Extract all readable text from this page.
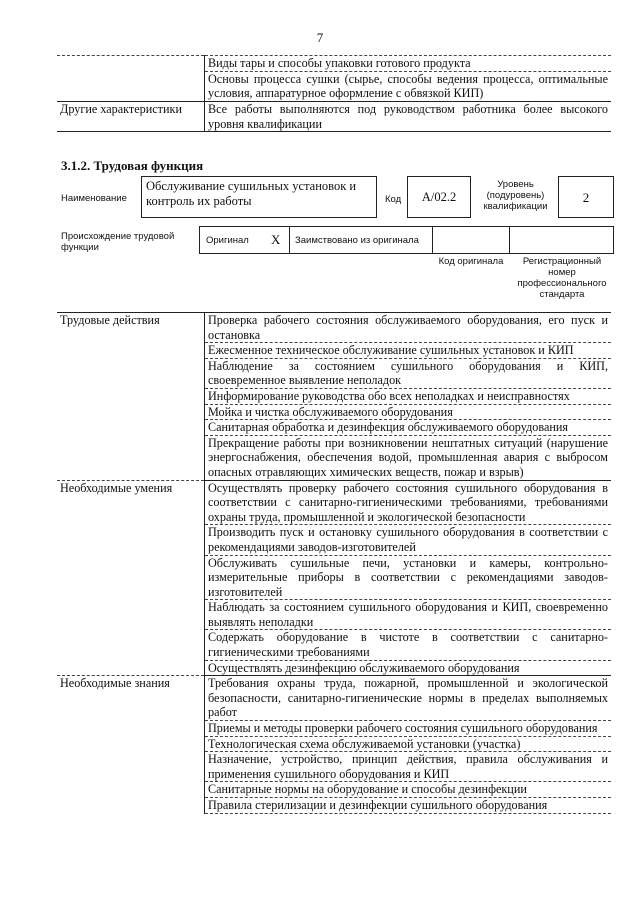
7
	Виды тары и способы упаковки готового продукта
	Основы процесса сушки (сырье, способы ведения процесса, оптимальные условия, аппаратурное оформление с обвязкой КИП)
Другие характеристики	Все работы выполняются под руководством работника более высокого уровня квалификации
3.1.2. Трудовая функция
Наименование
Обслуживание сушильных установок и контроль их работы	Код	A/02.2
Уровень (подуровень) квалификации
2
Происхождение трудовой функции
Оригинал X Заимствовано из оригинала
Код оригинала	Регистрационный номер профессионального стандарта
Трудовые действия	Проверка рабочего состояния обслуживаемого оборудования, его пуск и остановка
	Ежесменное техническое обслуживание сушильных установок и КИП
	Наблюдение за состоянием сушильного оборудования и КИП, своевременное выявление неполадок
	Информирование руководства обо всех неполадках и неисправностях
	Мойка и чистка обслуживаемого оборудования
	Санитарная обработка и дезинфекция обслуживаемого оборудования
	Прекращение работы при возникновении нештатных ситуаций (нарушение энергоснабжения, обеспечения водой, промышленная авария с выбросом опасных отравляющих химических веществ, пожар и взрыв)
Необходимые умения	Осуществлять проверку рабочего состояния сушильного оборудования в соответствии с санитарно-гигиеническими требованиями, требованиями охраны труда, промышленной и экологической безопасности
	Производить пуск и остановку сушильного оборудования в соответствии с рекомендациями заводов-изготовителей
	Обслуживать сушильные печи, установки и камеры, контрольно-измерительные приборы в соответствии с рекомендациями заводов-изготовителей
	Наблюдать за состоянием сушильного оборудования и КИП, своевременно выявлять неполадки
	Содержать оборудование в чистоте в соответствии с санитарно-гигиеническими требованиями
	Осуществлять дезинфекцию обслуживаемого оборудования
Необходимые знания	Требования охраны труда, пожарной, промышленной и экологической безопасности, санитарно-гигиенические нормы в пределах выполняемых работ
	Приемы и методы проверки рабочего состояния сушильного оборудования
	Технологическая схема обслуживаемой установки (участка)
	Назначение, устройство, принцип действия, правила обслуживания и применения сушильного оборудования и КИП
	Санитарные нормы на оборудование и способы дезинфекции
	Правила стерилизации и дезинфекции сушильного оборудования
